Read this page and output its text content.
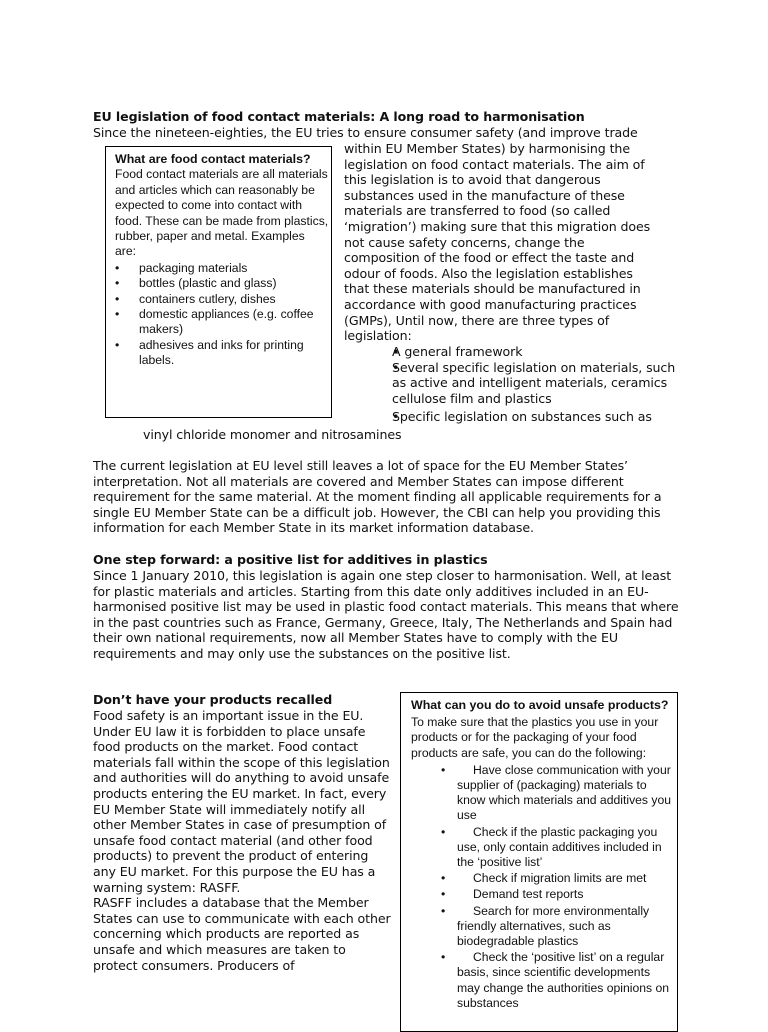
EU legislation of food contact materials: A long road to harmonisation
Since the nineteen-eighties, the EU tries to ensure consumer safety (and improve trade
within EU Member States) by harmonising the
legislation on food contact materials. The aim of
this legislation is to avoid that dangerous
substances used in the manufacture of these
materials are transferred to food (so called
‘migration’) making sure that this migration does
not cause safety concerns, change the
composition of the food or effect the taste and
odour of foods. Also the legislation establishes
that these materials should be manufactured in
accordance with good manufacturing practices
(GMPs), Until now, there are three types of
legislation:
• A general framework
• Several specific legislation on materials, such as active and intelligent materials, ceramics cellulose film and plastics
• Specific legislation on substances such as
vinyl chloride monomer and nitrosamines
What are food contact materials?
Food contact materials are all materials and articles which can reasonably be expected to come into contact with food. These can be made from plastics, rubber, paper and metal. Examples are:
• packaging materials
• bottles (plastic and glass)
• containers cutlery, dishes
• domestic appliances (e.g. coffee makers)
• adhesives and inks for printing labels.
The current legislation at EU level still leaves a lot of space for the EU Member States’ interpretation. Not all materials are covered and Member States can impose different requirement for the same material. At the moment finding all applicable requirements for a single EU Member State can be a difficult job. However, the CBI can help you providing this information for each Member State in its market information database.
One step forward: a positive list for additives in plastics
Since 1 January 2010, this legislation is again one step closer to harmonisation. Well, at least for plastic materials and articles. Starting from this date only additives included in an EU-harmonised positive list may be used in plastic food contact materials. This means that where in the past countries such as France, Germany, Greece, Italy, The Netherlands and Spain had their own national requirements, now all Member States have to comply with the EU requirements and may only use the substances on the positive list.
Don’t have your products recalled

Food safety is an important issue in the EU. Under EU law it is forbidden to place unsafe food products on the market. Food contact materials fall within the scope of this legislation and authorities will do anything to avoid unsafe products entering the EU market. In fact, every EU Member State will immediately notify all other Member States in case of presumption of unsafe food contact material (and other food products) to prevent the product of entering any EU market. For this purpose the EU has a warning system: RASFF.

RASFF includes a database that the Member States can use to communicate with each other concerning which products are reported as unsafe and which measures are taken to protect consumers. Producers of

What can you do to avoid unsafe products?
To make sure that the plastics you use in your products or for the packaging of your food products are safe, you can do the following:
• Have close communication with your supplier of (packaging) materials to know which materials and additives you use
• Check if the plastic packaging you use, only contain additives included in the ‘positive list’
• Check if migration limits are met
• Demand test reports
• Search for more environmentally friendly alternatives, such as biodegradable plastics
• Check the ‘positive list’ on a regular basis, since scientific developments may change the authorities opinions on substances
